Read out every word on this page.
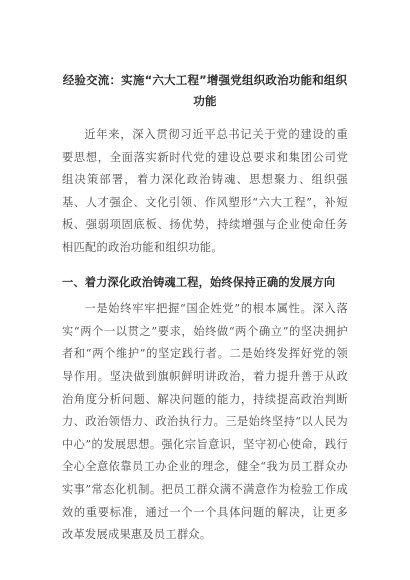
经验交流：实施“六大工程”增强党组织政治功能和组织功能

近年来，深入贯彻习近平总书记关于党的建设的重要思想，全面落实新时代党的建设总要求和集团公司党组决策部署，着力深化政治铸魂、思想聚力、组织强基、人才强企、文化引领、作风塑形“六大工程”，补短板、强弱项固底板、扬优势，持续增强与企业使命任务相匹配的政治功能和组织功能。

一、着力深化政治铸魂工程，始终保持正确的发展方向

一是始终牢牢把握“国企姓党”的根本属性。深入落实“两个一以贯之”要求，始终做“两个确立”的坚决拥护者和“两个维护”的坚定践行者。二是始终发挥好党的领导作用。坚决做到旗帜鲜明讲政治，着力提升善于从政治角度分析问题、解决问题的能力，持续提高政治判断力、政治领悟力、政治执行力。三是始终坚持“以人民为中心”的发展思想。强化宗旨意识，坚守初心使命，践行全心全意依靠员工办企业的理念，健全“我为员工群众办实事”常态化机制。把员工群众满不满意作为检验工作成效的重要标准，通过一个一个具体问题的解决，让更多改革发展成果惠及员工群众。
